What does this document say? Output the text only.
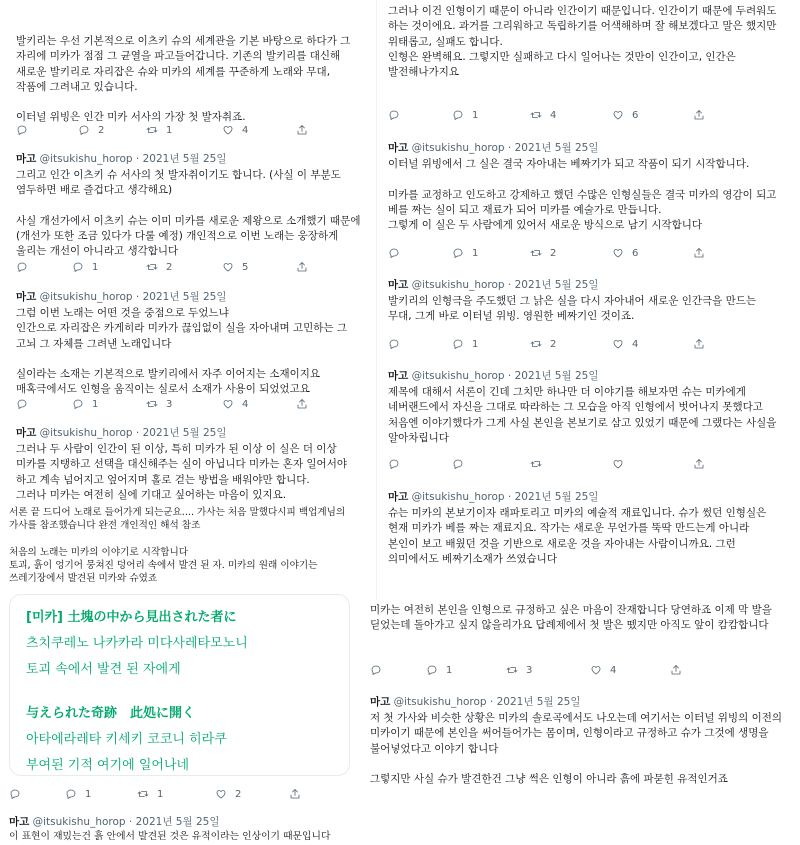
발키리는 우선 기본적으로 이츠키 슈의 세계관을 기본 바탕으로 하다가 그 자리에 미카가 점점 그 균열을 파고들어갑니다. 기존의 발키리를 대신해 새로운 발키리로 자리잡은 슈와 미카의 세계를 꾸준하게 노래와 무대, 작품에 그려내고 있습니다.

이터널 위빙은 인간 미카 서사의 가장 첫 발자취죠.
2	1	4
마고 @itsukishu_horop · 2021년 5월 25일
그리고 인간 이츠키 슈 서사의 첫 발자취이기도 합니다. (사실 이 부분도 염두하면 배로 즐겁다고 생각해요)

사실 개선가에서 이츠키 슈는 이미 미카를 새로운 제왕으로 소개했기 때문에 (개선가 또한 조금 있다가 다룰 예정) 개인적으로 이번 노래는 웅장하게 울리는 개선이 아니라고 생각합니다
1	2	5
마고 @itsukishu_horop · 2021년 5월 25일
그럼 이번 노래는 어떤 것을 중점으로 두었느냐
인간으로 자리잡은 카게히라 미카가 끊임없이 실을 자아내며 고민하는 그 고뇌 그 자체를 그려낸 노래입니다

실이라는 소재는 기본적으로 발키리에서 자주 이어지는 소재이지요 매혹극에서도 인형을 움직이는 실로서 소재가 사용이 되었었고요
1	3	4
마고 @itsukishu_horop · 2021년 5월 25일
그러나 두 사람이 인간이 된 이상, 특히 미카가 된 이상 이 실은 더 이상 미카를 지탱하고 선택을 대신해주는 실이 아닙니다 미카는 혼자 일어서야 하고 계속 넘어지고 엎어지며 홀로 걷는 방법을 배워야만 합니다.
그러나 미카는 여전히 실에 기대고 싶어하는 마음이 있지요.
서론 끝 드디어 노래로 들어가게 되는군요.... 가사는 처음 말했다시피 백업계님의 가사를 참조했습니다 완전 개인적인 해석 참조

처음의 노래는 미카의 이야기로 시작합니다
토괴, 흙이 엉기어 뭉쳐진 덩어리 속에서 발견 된 자. 미카의 원래 이야기는 쓰레기장에서 발견된 미카와 슈였죠
[미카] 土塊の中から見出された者に
츠치쿠레노 나카카라 미다사레타모노니
토괴 속에서 발견 된 자에게
与えられた奇跡　此処に開く
아타에라레타 키세키 코코니 히라쿠
부여된 기적 여기에 일어나네
1	1	2
마고 @itsukishu_horop · 2021년 5월 25일
이 표현이 재밌는건 흙 안에서 발견된 것은 유적이라는 인상이기 때문입니다
그러나 이건 인형이기 때문이 아니라 인간이기 때문입니다. 인간이기 때문에 두려워도 하는 것이에요. 과거를 그리워하고 독립하기를 어색해하며 잘 해보겠다고 말은 했지만 위태롭고, 실패도 합니다.
인형은 완벽해요. 그렇지만 실패하고 다시 일어나는 것만이 인간이고, 인간은 발전해나가지요
1	4	6
마고 @itsukishu_horop · 2021년 5월 25일
이터널 위빙에서 그 실은 결국 자아내는 베짜기가 되고 작품이 되기 시작합니다.

미카를 교정하고 인도하고 강제하고 했던 수많은 인형실들은 결국 미카의 영감이 되고 베를 짜는 실이 되고 재료가 되어 미카를 예술가로 만듭니다.
그렇게 이 실은 두 사람에게 있어서 새로운 방식으로 남기 시작합니다
1	2	6
마고 @itsukishu_horop · 2021년 5월 25일
발키리의 인형극을 주도했던 그 낡은 실을 다시 자아내어 새로운 인간극을 만드는 무대, 그게 바로 이터널 위빙. 영원한 베짜기인 것이죠.
1	2	4
마고 @itsukishu_horop · 2021년 5월 25일
제목에 대해서 서론이 긴데 그치만 하나만 더 이야기를 해보자면 슈는 미카에게 네버랜드에서 자신을 그대로 따라하는 그 모습을 아직 인형에서 벗어나지 못했다고 처음엔 이야기했다가 그게 사실 본인을 본보기로 삼고 있었기 때문에 그랬다는 사실을 알아차립니다
마고 @itsukishu_horop · 2021년 5월 25일
슈는 미카의 본보기이자 래파토리고 미카의 예술적 재료입니다. 슈가 썼던 인형실은 현재 미카가 베를 짜는 재료지요. 작가는 새로운 무언가를 뚝딱 만드는게 아니라 본인이 보고 배웠던 것을 기반으로 새로운 것을 자아내는 사람이니까요. 그런 의미에서도 베짜기소재가 쓰였습니다
미카는 여전히 본인을 인형으로 규정하고 싶은 마음이 잔재합니다 당연하죠 이제 막 발을 딛었는데 돌아가고 싶지 않을리가요 답례제에서 첫 발은 뗐지만 아직도 앞이 캄캄합니다
1	3	4
마고 @itsukishu_horop · 2021년 5월 25일
저 첫 가사와 비슷한 상황은 미카의 솔로곡에서도 나오는데 여기서는 이터널 위빙의 이전의 미카이기 때문에 본인을 써어들어가는 몸이며, 인형이라고 규정하고 슈가 그것에 생명을 불어넣었다고 이야기 합니다

그렇지만 사실 슈가 발견한건 그냥 썩은 인형이 아니라 흙에 파묻힌 유적인거죠
